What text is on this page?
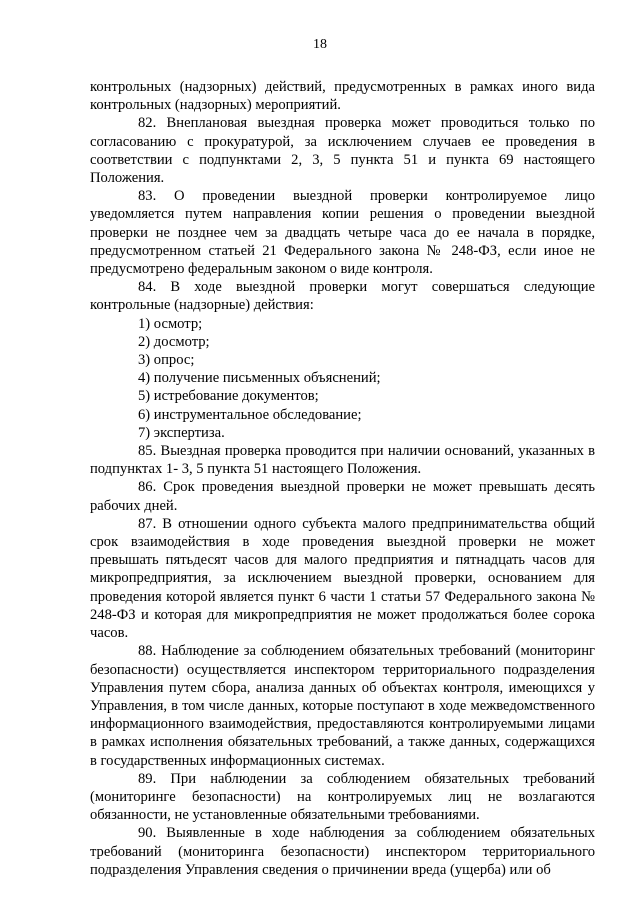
18

контрольных (надзорных) действий, предусмотренных в рамках иного вида контрольных (надзорных) мероприятий.

82. Внеплановая выездная проверка может проводиться только по согласованию с прокуратурой, за исключением случаев ее проведения в соответствии с подпунктами 2, 3, 5 пункта 51 и пункта 69 настоящего Положения.

83. О проведении выездной проверки контролируемое лицо уведомляется путем направления копии решения о проведении выездной проверки не позднее чем за двадцать четыре часа до ее начала в порядке, предусмотренном статьей 21 Федерального закона № 248-ФЗ, если иное не предусмотрено федеральным законом о виде контроля.

84. В ходе выездной проверки могут совершаться следующие контрольные (надзорные) действия:

1) осмотр;

2) досмотр;

3) опрос;

4) получение письменных объяснений;

5) истребование документов;

6) инструментальное обследование;

7) экспертиза.

85. Выездная проверка проводится при наличии оснований, указанных в подпунктах 1- 3, 5 пункта 51 настоящего Положения.

86. Срок проведения выездной проверки не может превышать десять рабочих дней.

87. В отношении одного субъекта малого предпринимательства общий срок взаимодействия в ходе проведения выездной проверки не может превышать пятьдесят часов для малого предприятия и пятнадцать часов для микропредприятия, за исключением выездной проверки, основанием для проведения которой является пункт 6 части 1 статьи 57 Федерального закона № 248-ФЗ и которая для микропредприятия не может продолжаться более сорока часов.

88. Наблюдение за соблюдением обязательных требований (мониторинг безопасности) осуществляется инспектором территориального подразделения Управления путем сбора, анализа данных об объектах контроля, имеющихся у Управления, в том числе данных, которые поступают в ходе межведомственного информационного взаимодействия, предоставляются контролируемыми лицами в рамках исполнения обязательных требований, а также данных, содержащихся в государственных информационных системах.

89. При наблюдении за соблюдением обязательных требований (мониторинге безопасности) на контролируемых лиц не возлагаются обязанности, не установленные обязательными требованиями.

90. Выявленные в ходе наблюдения за соблюдением обязательных требований (мониторинга безопасности) инспектором территориального подразделения Управления сведения о причинении вреда (ущерба) или об
